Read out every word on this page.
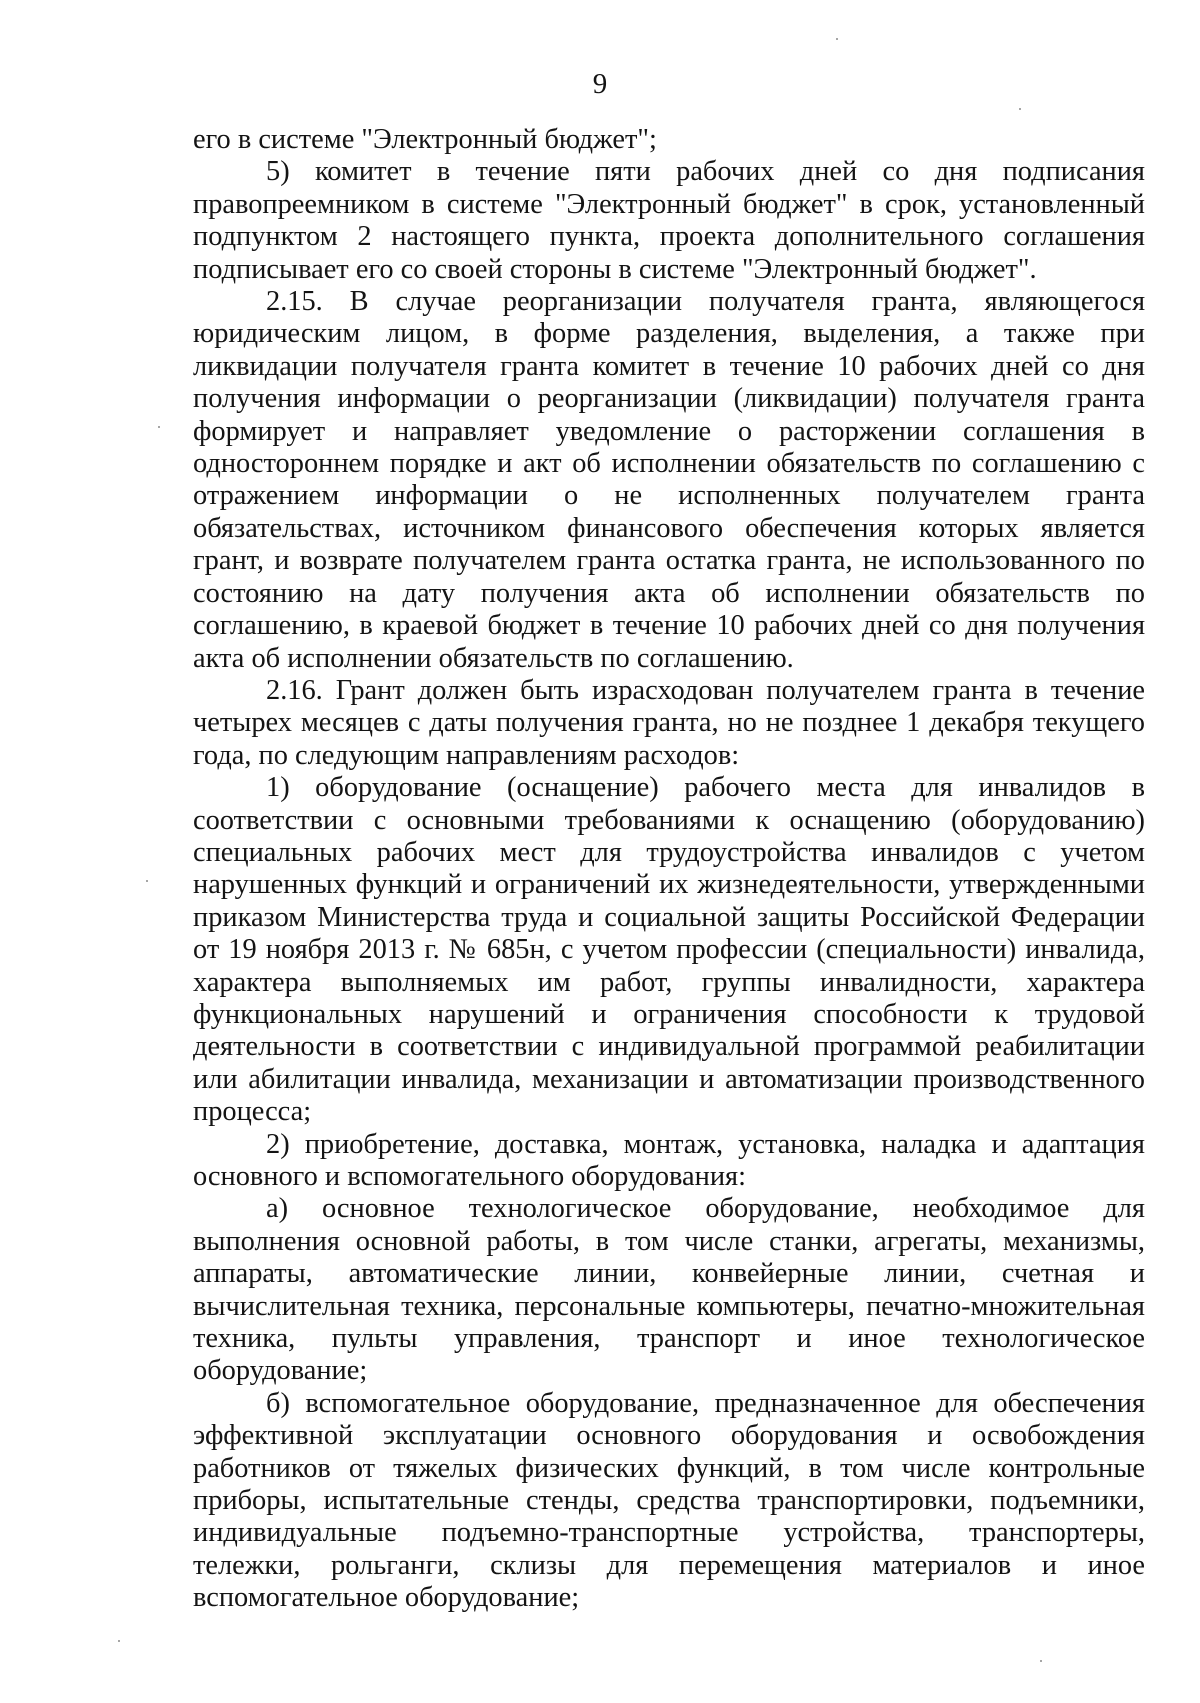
9

его в системе "Электронный бюджет";

5) комитет в течение пяти рабочих дней со дня подписания правопреемником в системе "Электронный бюджет" в срок, установленный подпунктом 2 настоящего пункта, проекта дополнительного соглашения подписывает его со своей стороны в системе "Электронный бюджет".

2.15. В случае реорганизации получателя гранта, являющегося юридическим лицом, в форме разделения, выделения, а также при ликвидации получателя гранта комитет в течение 10 рабочих дней со дня получения информации о реорганизации (ликвидации) получателя гранта формирует и направляет уведомление о расторжении соглашения в одностороннем порядке и акт об исполнении обязательств по соглашению с отражением информации о не исполненных получателем гранта обязательствах, источником финансового обеспечения которых является грант, и возврате получателем гранта остатка гранта, не использованного по состоянию на дату получения акта об исполнении обязательств по соглашению, в краевой бюджет в течение 10 рабочих дней со дня получения акта об исполнении обязательств по соглашению.

2.16. Грант должен быть израсходован получателем гранта в течение четырех месяцев с даты получения гранта, но не позднее 1 декабря текущего года, по следующим направлениям расходов:

1) оборудование (оснащение) рабочего места для инвалидов в соответствии с основными требованиями к оснащению (оборудованию) специальных рабочих мест для трудоустройства инвалидов с учетом нарушенных функций и ограничений их жизнедеятельности, утвержденными приказом Министерства труда и социальной защиты Российской Федерации от 19 ноября 2013 г. № 685н, с учетом профессии (специальности) инвалида, характера выполняемых им работ, группы инвалидности, характера функциональных нарушений и ограничения способности к трудовой деятельности в соответствии с индивидуальной программой реабилитации или абилитации инвалида, механизации и автоматизации производственного процесса;

2) приобретение, доставка, монтаж, установка, наладка и адаптация основного и вспомогательного оборудования:

а) основное технологическое оборудование, необходимое для выполнения основной работы, в том числе станки, агрегаты, механизмы, аппараты, автоматические линии, конвейерные линии, счетная и вычислительная техника, персональные компьютеры, печатно-множительная техника, пульты управления, транспорт и иное технологическое оборудование;

б) вспомогательное оборудование, предназначенное для обеспечения эффективной эксплуатации основного оборудования и освобождения работников от тяжелых физических функций, в том числе контрольные приборы, испытательные стенды, средства транспортировки, подъемники, индивидуальные подъемно-транспортные устройства, транспортеры, тележки, рольганги, склизы для перемещения материалов и иное вспомогательное оборудование;
